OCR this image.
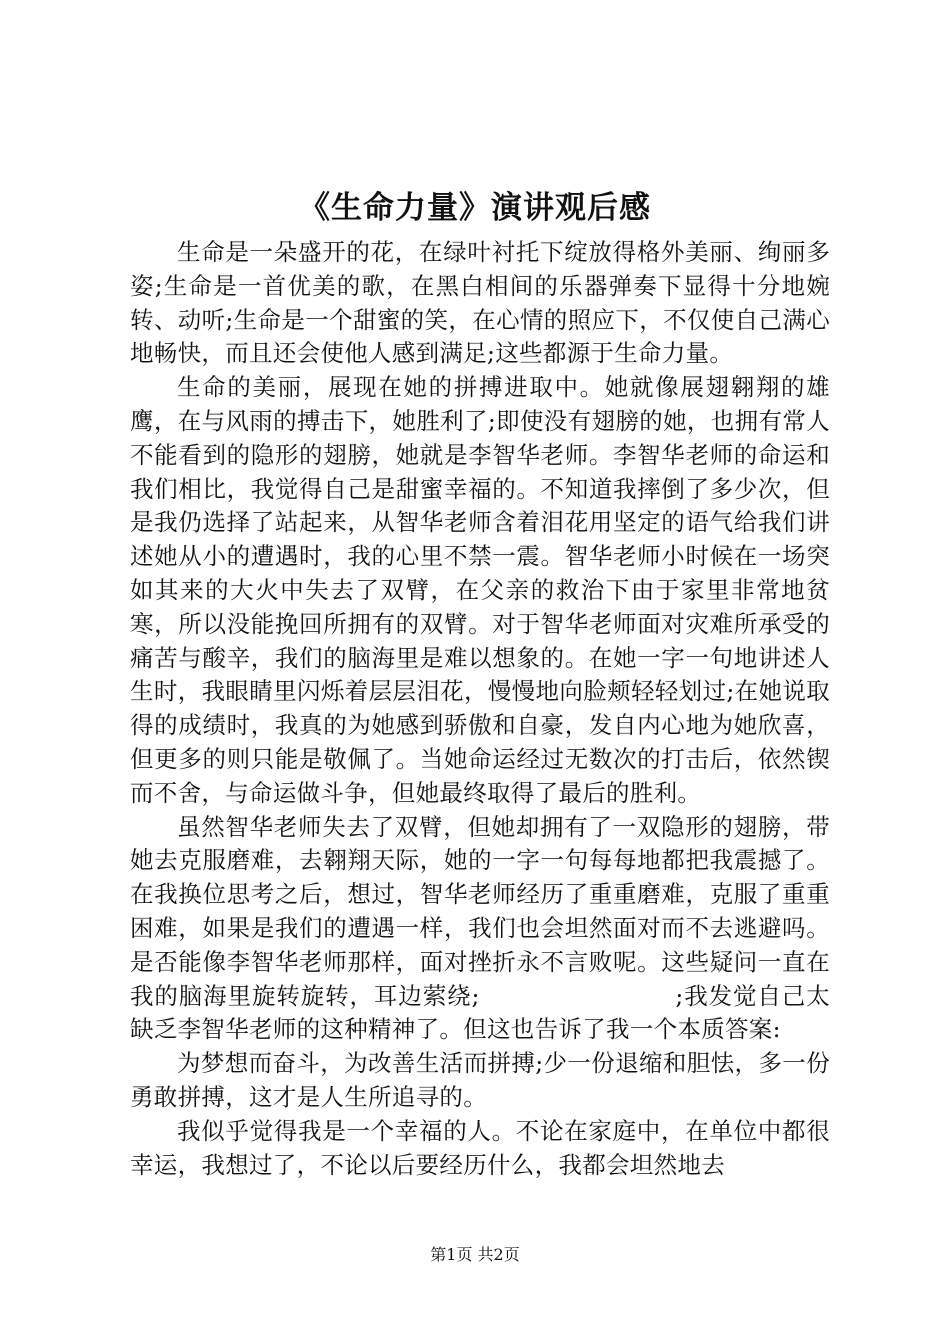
《生命力量》演讲观后感

生命是一朵盛开的花，在绿叶衬托下绽放得格外美丽、绚丽多姿;生命是一首优美的歌，在黑白相间的乐器弹奏下显得十分地婉转、动听;生命是一个甜蜜的笑，在心情的照应下，不仅使自己满心地畅快，而且还会使他人感到满足;这些都源于生命力量。

生命的美丽，展现在她的拼搏进取中。她就像展翅翱翔的雄鹰，在与风雨的搏击下，她胜利了;即使没有翅膀的她，也拥有常人不能看到的隐形的翅膀，她就是李智华老师。李智华老师的命运和我们相比，我觉得自己是甜蜜幸福的。不知道我摔倒了多少次，但是我仍选择了站起来，从智华老师含着泪花用坚定的语气给我们讲述她从小的遭遇时，我的心里不禁一震。智华老师小时候在一场突如其来的大火中失去了双臂，在父亲的救治下由于家里非常地贫寒，所以没能挽回所拥有的双臂。对于智华老师面对灾难所承受的痛苦与酸辛，我们的脑海里是难以想象的。在她一字一句地讲述人生时，我眼睛里闪烁着层层泪花，慢慢地向脸颊轻轻划过;在她说取得的成绩时，我真的为她感到骄傲和自豪，发自内心地为她欣喜，但更多的则只能是敬佩了。当她命运经过无数次的打击后，依然锲而不舍，与命运做斗争，但她最终取得了最后的胜利。

虽然智华老师失去了双臂，但她却拥有了一双隐形的翅膀，带她去克服磨难，去翱翔天际，她的一字一句每每地都把我震撼了。在我换位思考之后，想过，智华老师经历了重重磨难，克服了重重困难，如果是我们的遭遇一样，我们也会坦然面对而不去逃避吗。是否能像李智华老师那样，面对挫折永不言败呢。这些疑问一直在我的脑海里旋转旋转，耳边萦绕;　　　　　　　　;我发觉自己太缺乏李智华老师的这种精神了。但这也告诉了我一个本质答案:

为梦想而奋斗，为改善生活而拼搏;少一份退缩和胆怯，多一份勇敢拼搏，这才是人生所追寻的。

我似乎觉得我是一个幸福的人。不论在家庭中，在单位中都很幸运，我想过了，不论以后要经历什么，我都会坦然地去

第1页 共2页
